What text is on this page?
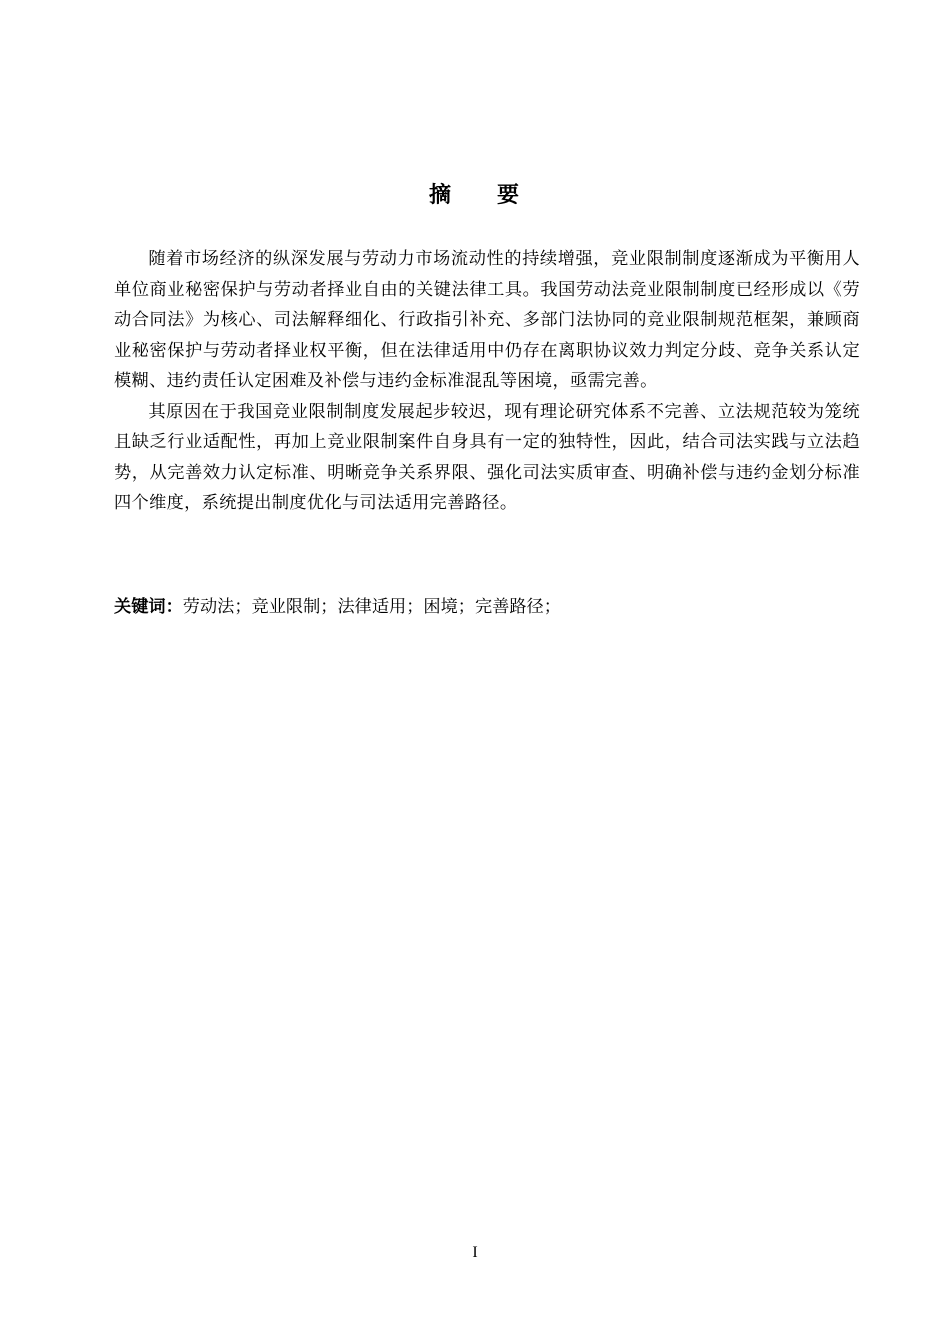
摘 要

随着市场经济的纵深发展与劳动力市场流动性的持续增强，竞业限制制度逐渐成为平衡用人单位商业秘密保护与劳动者择业自由的关键法律工具。我国劳动法竞业限制制度已经形成以《劳动合同法》为核心、司法解释细化、行政指引补充、多部门法协同的竞业限制规范框架，兼顾商业秘密保护与劳动者择业权平衡，但在法律适用中仍存在离职协议效力判定分歧、竞争关系认定模糊、违约责任认定困难及补偿与违约金标准混乱等困境，亟需完善。

其原因在于我国竞业限制制度发展起步较迟，现有理论研究体系不完善、立法规范较为笼统且缺乏行业适配性，再加上竞业限制案件自身具有一定的独特性，因此，结合司法实践与立法趋势，从完善效力认定标准、明晰竞争关系界限、强化司法实质审查、明确补偿与违约金划分标准四个维度，系统提出制度优化与司法适用完善路径。

关键词：劳动法；竞业限制；法律适用；困境；完善路径；
I
